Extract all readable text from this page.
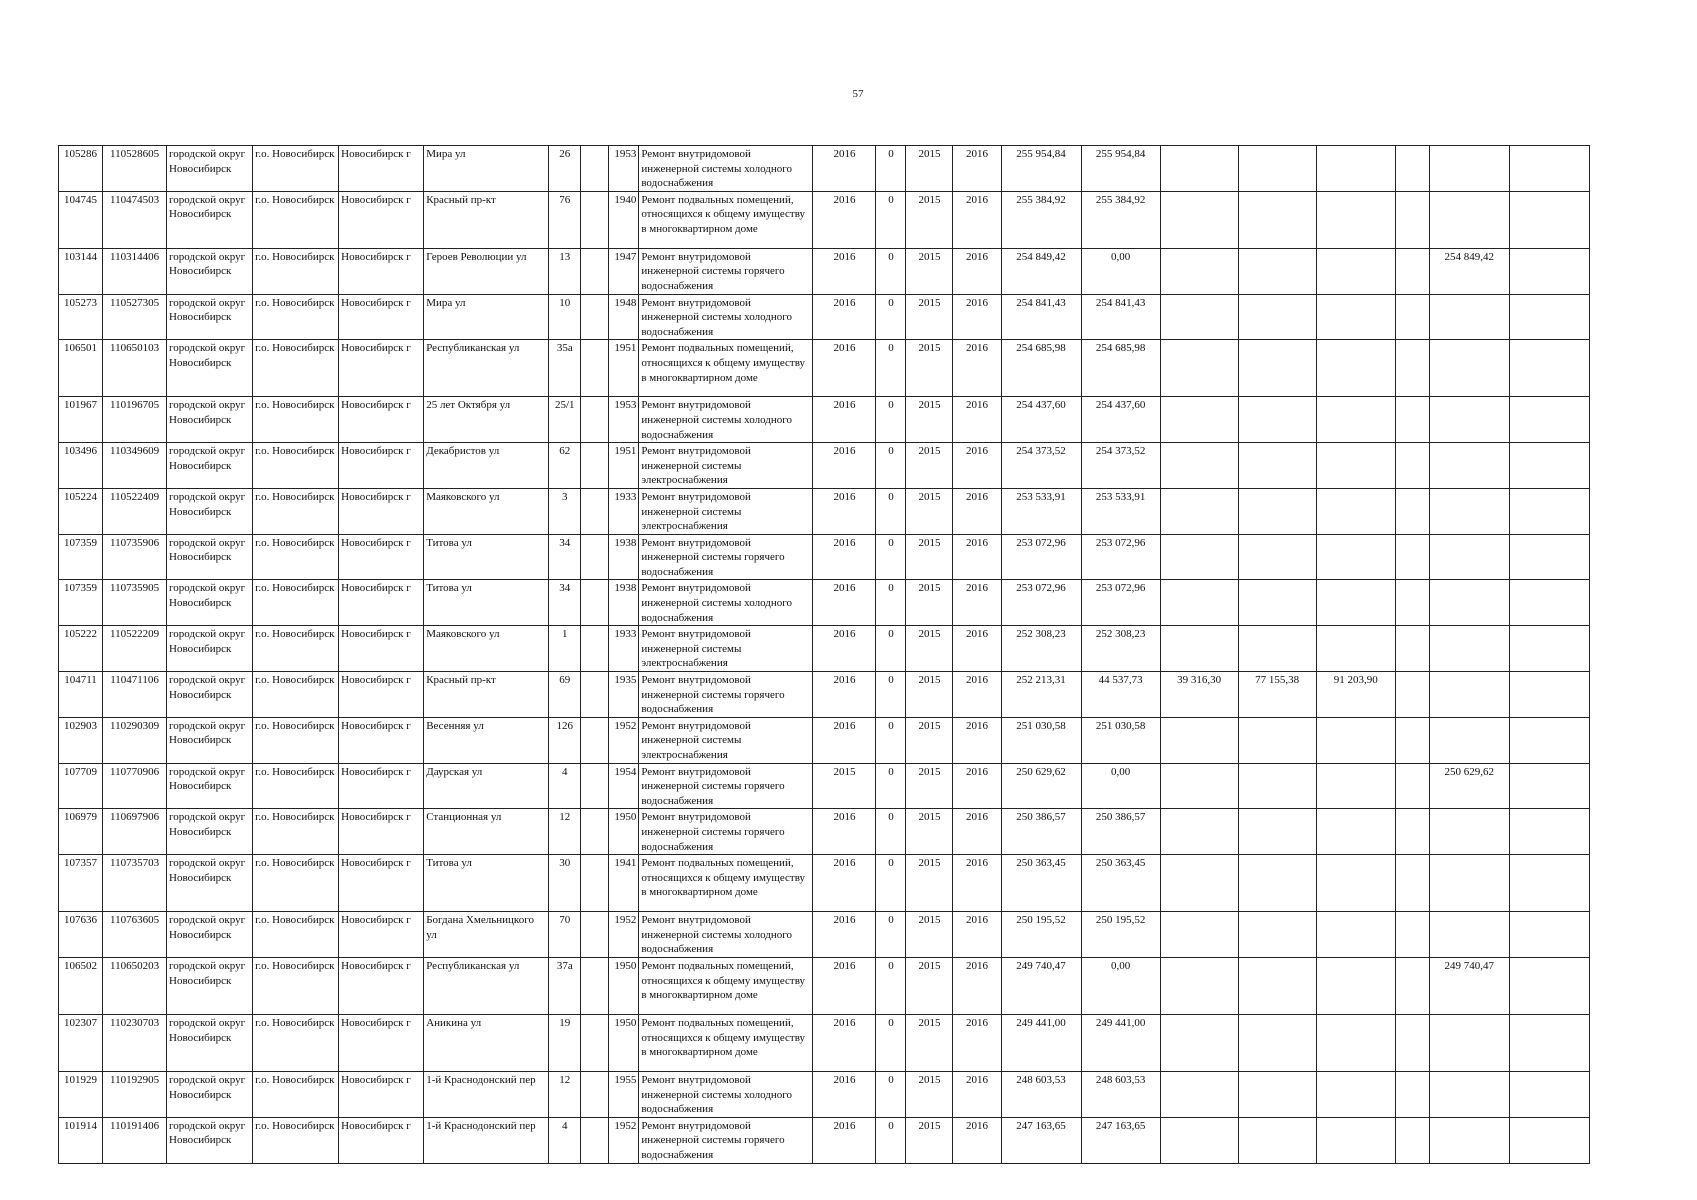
57
105286	110528605	городской округ Новосибирск	г.о. Новосибирск	Новосибирск г	Мира ул	26		1953	Ремонт внутридомовой инженерной системы холодного водоснабжения	2016	0	2015	2016	255 954,84	255 954,84						
104745	110474503	городской округ Новосибирск	г.о. Новосибирск	Новосибирск г	Красный пр-кт	76		1940	Ремонт подвальных помещений, относящихся к общему имуществу в многоквартирном доме	2016	0	2015	2016	255 384,92	255 384,92						
103144	110314406	городской округ Новосибирск	г.о. Новосибирск	Новосибирск г	Героев Революции ул	13		1947	Ремонт внутридомовой инженерной системы горячего водоснабжения	2016	0	2015	2016	254 849,42	0,00					254 849,42	
105273	110527305	городской округ Новосибирск	г.о. Новосибирск	Новосибирск г	Мира ул	10		1948	Ремонт внутридомовой инженерной системы холодного водоснабжения	2016	0	2015	2016	254 841,43	254 841,43						
106501	110650103	городской округ Новосибирск	г.о. Новосибирск	Новосибирск г	Республиканская ул	35а		1951	Ремонт подвальных помещений, относящихся к общему имуществу в многоквартирном доме	2016	0	2015	2016	254 685,98	254 685,98						
101967	110196705	городской округ Новосибирск	г.о. Новосибирск	Новосибирск г	25 лет Октября ул	25/1		1953	Ремонт внутридомовой инженерной системы холодного водоснабжения	2016	0	2015	2016	254 437,60	254 437,60						
103496	110349609	городской округ Новосибирск	г.о. Новосибирск	Новосибирск г	Декабристов ул	62		1951	Ремонт внутридомовой инженерной системы электроснабжения	2016	0	2015	2016	254 373,52	254 373,52						
105224	110522409	городской округ Новосибирск	г.о. Новосибирск	Новосибирск г	Маяковского ул	3		1933	Ремонт внутридомовой инженерной системы электроснабжения	2016	0	2015	2016	253 533,91	253 533,91						
107359	110735906	городской округ Новосибирск	г.о. Новосибирск	Новосибирск г	Титова ул	34		1938	Ремонт внутридомовой инженерной системы горячего водоснабжения	2016	0	2015	2016	253 072,96	253 072,96						
107359	110735905	городской округ Новосибирск	г.о. Новосибирск	Новосибирск г	Титова ул	34		1938	Ремонт внутридомовой инженерной системы холодного водоснабжения	2016	0	2015	2016	253 072,96	253 072,96						
105222	110522209	городской округ Новосибирск	г.о. Новосибирск	Новосибирск г	Маяковского ул	1		1933	Ремонт внутридомовой инженерной системы электроснабжения	2016	0	2015	2016	252 308,23	252 308,23						
104711	110471106	городской округ Новосибирск	г.о. Новосибирск	Новосибирск г	Красный пр-кт	69		1935	Ремонт внутридомовой инженерной системы горячего водоснабжения	2016	0	2015	2016	252 213,31	44 537,73	39 316,30	77 155,38	91 203,90			
102903	110290309	городской округ Новосибирск	г.о. Новосибирск	Новосибирск г	Весенняя ул	126		1952	Ремонт внутридомовой инженерной системы электроснабжения	2016	0	2015	2016	251 030,58	251 030,58						
107709	110770906	городской округ Новосибирск	г.о. Новосибирск	Новосибирск г	Даурская ул	4		1954	Ремонт внутридомовой инженерной системы горячего водоснабжения	2015	0	2015	2016	250 629,62	0,00					250 629,62	
106979	110697906	городской округ Новосибирск	г.о. Новосибирск	Новосибирск г	Станционная ул	12		1950	Ремонт внутридомовой инженерной системы горячего водоснабжения	2016	0	2015	2016	250 386,57	250 386,57						
107357	110735703	городской округ Новосибирск	г.о. Новосибирск	Новосибирск г	Титова ул	30		1941	Ремонт подвальных помещений, относящихся к общему имуществу в многоквартирном доме	2016	0	2015	2016	250 363,45	250 363,45						
107636	110763605	городской округ Новосибирск	г.о. Новосибирск	Новосибирск г	Богдана Хмельницкого ул	70		1952	Ремонт внутридомовой инженерной системы холодного водоснабжения	2016	0	2015	2016	250 195,52	250 195,52						
106502	110650203	городской округ Новосибирск	г.о. Новосибирск	Новосибирск г	Республиканская ул	37а		1950	Ремонт подвальных помещений, относящихся к общему имуществу в многоквартирном доме	2016	0	2015	2016	249 740,47	0,00					249 740,47	
102307	110230703	городской округ Новосибирск	г.о. Новосибирск	Новосибирск г	Аникина ул	19		1950	Ремонт подвальных помещений, относящихся к общему имуществу в многоквартирном доме	2016	0	2015	2016	249 441,00	249 441,00						
101929	110192905	городской округ Новосибирск	г.о. Новосибирск	Новосибирск г	1-й Краснодонский пер	12		1955	Ремонт внутридомовой инженерной системы холодного водоснабжения	2016	0	2015	2016	248 603,53	248 603,53						
101914	110191406	городской округ Новосибирск	г.о. Новосибирск	Новосибирск г	1-й Краснодонский пер	4		1952	Ремонт внутридомовой инженерной системы горячего водоснабжения	2016	0	2015	2016	247 163,65	247 163,65						
